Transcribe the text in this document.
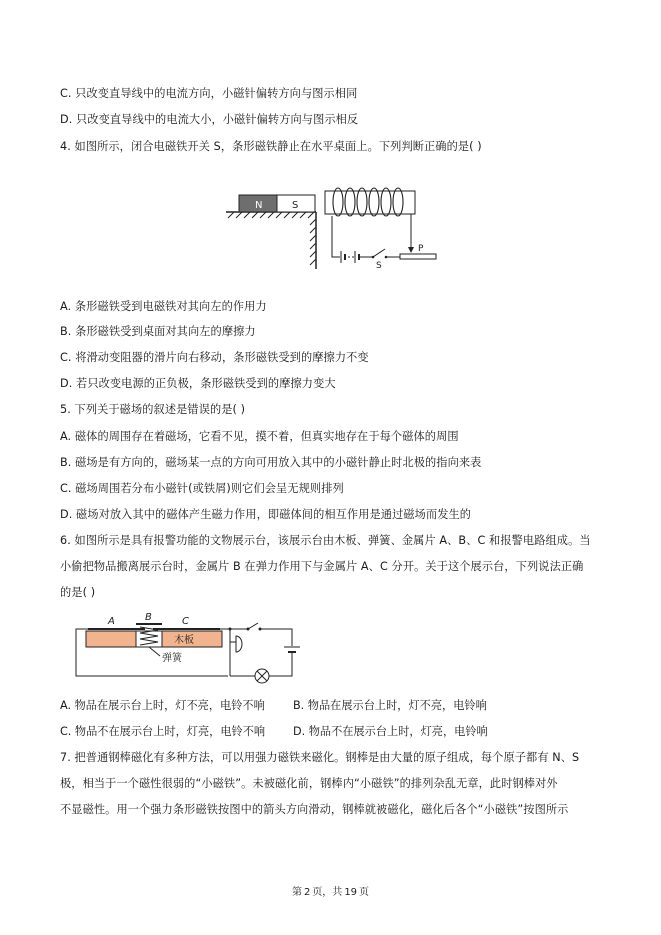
C. 只改变直导线中的电流方向，小磁针偏转方向与图示相同
D. 只改变直导线中的电流大小，小磁针偏转方向与图示相反
4. 如图所示，闭合电磁铁开关 S，条形磁铁静止在水平桌面上。下列判断正确的是( )
N	S
S
P
A. 条形磁铁受到电磁铁对其向左的作用力
B. 条形磁铁受到桌面对其向左的摩擦力
C. 将滑动变阻器的滑片向右移动，条形磁铁受到的摩擦力不变
D. 若只改变电源的正负极，条形磁铁受到的摩擦力变大
5. 下列关于磁场的叙述是错误的是( )
A. 磁体的周围存在着磁场，它看不见，摸不着，但真实地存在于每个磁体的周围
B. 磁场是有方向的，磁场某一点的方向可用放入其中的小磁针静止时北极的指向来表
C. 磁场周围若分布小磁针(或铁屑)则它们会呈无规则排列
D. 磁场对放入其中的磁体产生磁力作用，即磁体间的相互作用是通过磁场而发生的
6. 如图所示是具有报警功能的文物展示台，该展示台由木板、弹簧、金属片 A、B、C 和报警电路组成。当
小偷把物品搬离展示台时，金属片 B 在弹力作用下与金属片 A、C 分开。关于这个展示台，下列说法正确
的是( )
A	B	C
木板
弹簧
A. 物品在展示台上时，灯不亮，电铃不响	B. 物品在展示台上时，灯不亮，电铃响
C. 物品不在展示台上时，灯亮，电铃不响 D. 物品不在展示台上时，灯亮，电铃响
7. 把普通钢棒磁化有多种方法，可以用强力磁铁来磁化。钢棒是由大量的原子组成，每个原子都有 N、S
极，相当于一个磁性很弱的“小磁铁”。未被磁化前，钢棒内“小磁铁”的排列杂乱无章，此时钢棒对外
不显磁性。用一个强力条形磁铁按图中的箭头方向滑动，钢棒就被磁化，磁化后各个“小磁铁”按图所示
第 2 页，共 19 页
